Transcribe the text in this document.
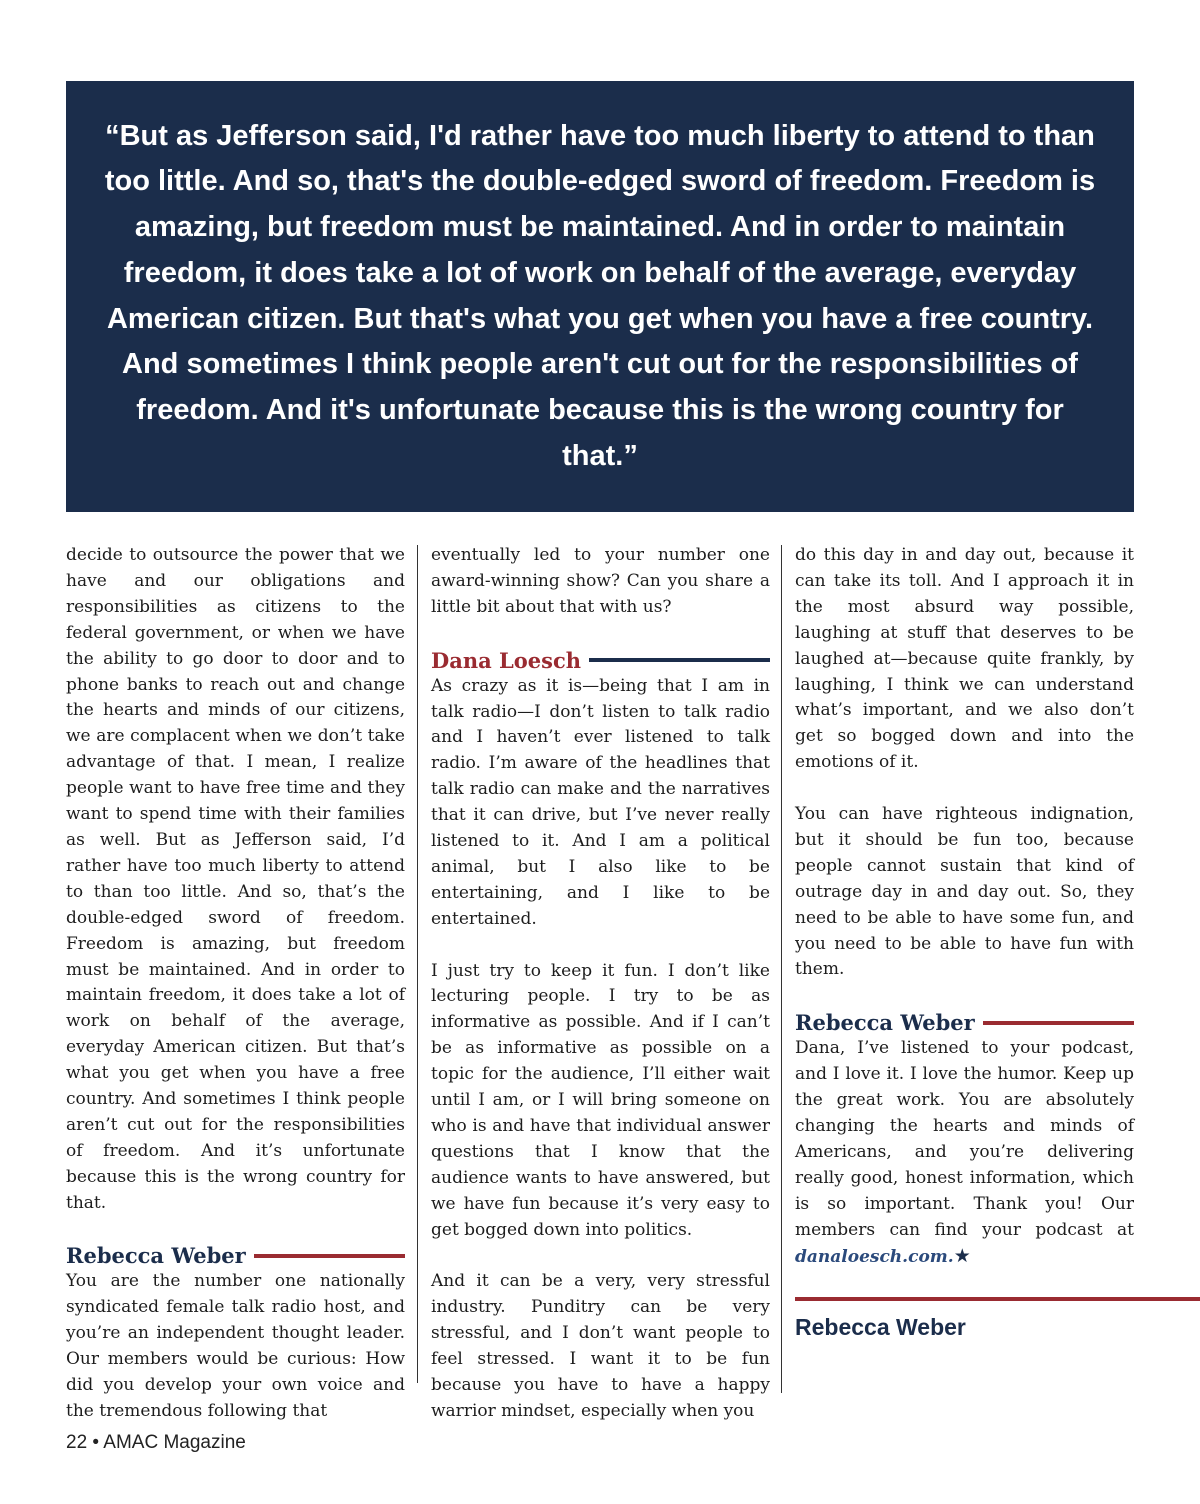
“But as Jefferson said, I'd rather have too much liberty to attend to than too little. And so, that's the double-edged sword of freedom. Freedom is amazing, but freedom must be maintained. And in order to maintain freedom, it does take a lot of work on behalf of the average, everyday American citizen. But that's what you get when you have a free country. And sometimes I think people aren't cut out for the responsibilities of freedom. And it's unfortunate because this is the wrong country for that.”

decide to outsource the power that we have and our obligations and responsibilities as citizens to the federal government, or when we have the ability to go door to door and to phone banks to reach out and change the hearts and minds of our citizens, we are complacent when we don’t take advantage of that. I mean, I realize people want to have free time and they want to spend time with their families as well. But as Jefferson said, I’d rather have too much liberty to attend to than too little. And so, that’s the double-edged sword of freedom. Freedom is amazing, but freedom must be maintained. And in order to maintain freedom, it does take a lot of work on behalf of the average, everyday American citizen. But that’s what you get when you have a free country. And sometimes I think people aren’t cut out for the responsibilities of freedom. And it’s unfortunate because this is the wrong country for that.

Rebecca Weber

You are the number one nationally syndicated female talk radio host, and you’re an independent thought leader. Our members would be curious: How did you develop your own voice and the tremendous following that

eventually led to your number one award-winning show? Can you share a little bit about that with us?

Dana Loesch

As crazy as it is—being that I am in talk radio—I don’t listen to talk radio and I haven’t ever listened to talk radio. I’m aware of the headlines that talk radio can make and the narratives that it can drive, but I’ve never really listened to it. And I am a political animal, but I also like to be entertaining, and I like to be entertained.

I just try to keep it fun. I don’t like lecturing people. I try to be as informative as possible. And if I can’t be as informative as possible on a topic for the audience, I’ll either wait until I am, or I will bring someone on who is and have that individual answer questions that I know that the audience wants to have answered, but we have fun because it’s very easy to get bogged down into politics.

And it can be a very, very stressful industry. Punditry can be very stressful, and I don’t want people to feel stressed. I want it to be fun because you have to have a happy warrior mindset, especially when you

do this day in and day out, because it can take its toll. And I approach it in the most absurd way possible, laughing at stuff that deserves to be laughed at—because quite frankly, by laughing, I think we can understand what’s important, and we also don’t get so bogged down and into the emotions of it.

You can have righteous indignation, but it should be fun too, because people cannot sustain that kind of outrage day in and day out. So, they need to be able to have some fun, and you need to be able to have fun with them.

Rebecca Weber

Dana, I’ve listened to your podcast, and I love it. I love the humor. Keep up the great work. You are absolutely changing the hearts and minds of Americans, and you’re delivering really good, honest information, which is so important. Thank you! Our members can find your podcast at danaloesch.com.★

Rebecca Weber
22 • AMAC Magazine
